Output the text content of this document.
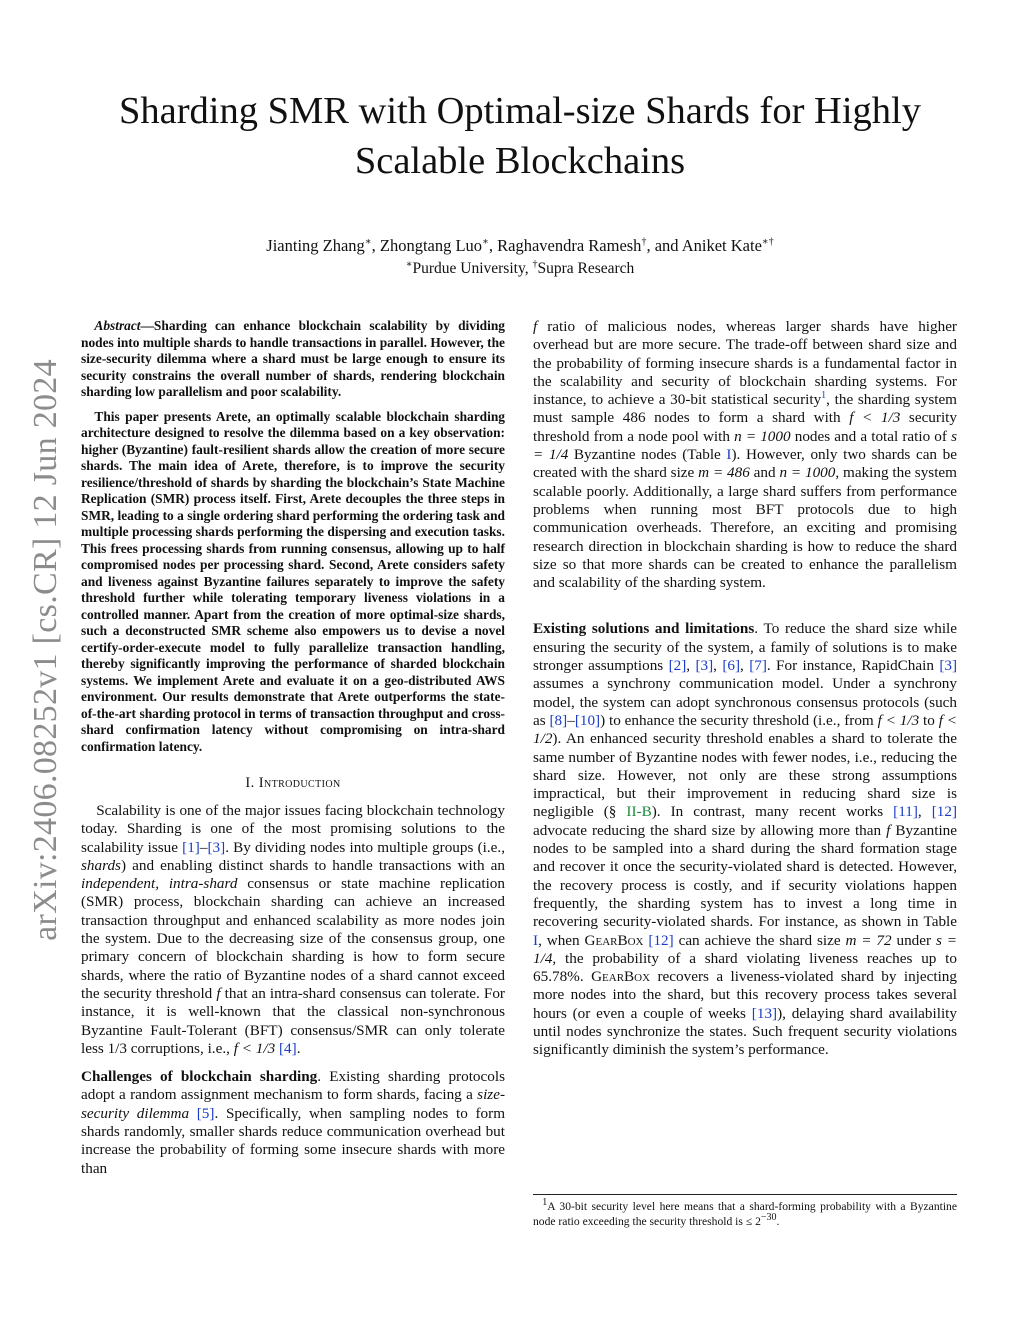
arXiv:2406.08252v1 [cs.CR] 12 Jun 2024
Sharding SMR with Optimal-size Shards for Highly Scalable Blockchains
Jianting Zhang∗, Zhongtang Luo∗, Raghavendra Ramesh†, and Aniket Kate∗†
∗Purdue University, †Supra Research

Abstract—Sharding can enhance blockchain scalability by dividing nodes into multiple shards to handle transactions in parallel. However, the size-security dilemma where a shard must be large enough to ensure its security constrains the overall number of shards, rendering blockchain sharding low parallelism and poor scalability.

This paper presents Arete, an optimally scalable blockchain sharding architecture designed to resolve the dilemma based on a key observation: higher (Byzantine) fault-resilient shards allow the creation of more secure shards. The main idea of Arete, therefore, is to improve the security resilience/threshold of shards by sharding the blockchain’s State Machine Replication (SMR) process itself. First, Arete decouples the three steps in SMR, leading to a single ordering shard performing the ordering task and multiple processing shards performing the dispersing and execution tasks. This frees processing shards from running consensus, allowing up to half compromised nodes per processing shard. Second, Arete considers safety and liveness against Byzantine failures separately to improve the safety threshold further while tolerating temporary liveness violations in a controlled manner. Apart from the creation of more optimal-size shards, such a deconstructed SMR scheme also empowers us to devise a novel certify-order-execute model to fully parallelize transaction handling, thereby significantly improving the performance of sharded blockchain systems. We implement Arete and evaluate it on a geo-distributed AWS environment. Our results demonstrate that Arete outperforms the state-of-the-art sharding protocol in terms of transaction throughput and cross-shard confirmation latency without compromising on intra-shard confirmation latency.

I. Introduction

Scalability is one of the major issues facing blockchain technology today. Sharding is one of the most promising solutions to the scalability issue [1]–[3]. By dividing nodes into multiple groups (i.e., shards) and enabling distinct shards to handle transactions with an independent, intra-shard consensus or state machine replication (SMR) process, blockchain sharding can achieve an increased transaction throughput and enhanced scalability as more nodes join the system. Due to the decreasing size of the consensus group, one primary concern of blockchain sharding is how to form secure shards, where the ratio of Byzantine nodes of a shard cannot exceed the security threshold f that an intra-shard consensus can tolerate. For instance, it is well-known that the classical non-synchronous Byzantine Fault-Tolerant (BFT) consensus/SMR can only tolerate less 1/3 corruptions, i.e., f < 1/3 [4].

Challenges of blockchain sharding. Existing sharding protocols adopt a random assignment mechanism to form shards, facing a size-security dilemma [5]. Specifically, when sampling nodes to form shards randomly, smaller shards reduce communication overhead but increase the probability of forming some insecure shards with more than

f ratio of malicious nodes, whereas larger shards have higher overhead but are more secure. The trade-off between shard size and the probability of forming insecure shards is a fundamental factor in the scalability and security of blockchain sharding systems. For instance, to achieve a 30-bit statistical security$^1$, the sharding system must sample 486 nodes to form a shard with f < 1/3 security threshold from a node pool with n = 1000 nodes and a total ratio of s = 1/4 Byzantine nodes (Table I). However, only two shards can be created with the shard size m = 486 and n = 1000, making the system scalable poorly. Additionally, a large shard suffers from performance problems when running most BFT protocols due to high communication overheads. Therefore, an exciting and promising research direction in blockchain sharding is how to reduce the shard size so that more shards can be created to enhance the parallelism and scalability of the sharding system.

Existing solutions and limitations. To reduce the shard size while ensuring the security of the system, a family of solutions is to make stronger assumptions [2], [3], [6], [7]. For instance, RapidChain [3] assumes a synchrony communication model. Under a synchrony model, the system can adopt synchronous consensus protocols (such as [8]–[10]) to enhance the security threshold (i.e., from f < 1/3 to f < 1/2). An enhanced security threshold enables a shard to tolerate the same number of Byzantine nodes with fewer nodes, i.e., reducing the shard size. However, not only are these strong assumptions impractical, but their improvement in reducing shard size is negligible (§ II-B). In contrast, many recent works [11], [12] advocate reducing the shard size by allowing more than f Byzantine nodes to be sampled into a shard during the shard formation stage and recover it once the security-violated shard is detected. However, the recovery process is costly, and if security violations happen frequently, the sharding system has to invest a long time in recovering security-violated shards. For instance, as shown in Table I, when GearBox [12] can achieve the shard size m = 72 under s = 1/4, the probability of a shard violating liveness reaches up to 65.78%. GearBox recovers a liveness-violated shard by injecting more nodes into the shard, but this recovery process takes several hours (or even a couple of weeks [13]), delaying shard availability until nodes synchronize the states. Such frequent security violations significantly diminish the system’s performance.

$^1$A 30-bit security level here means that a shard-forming probability with a Byzantine node ratio exceeding the security threshold is ≤ $2^{-30}$.
